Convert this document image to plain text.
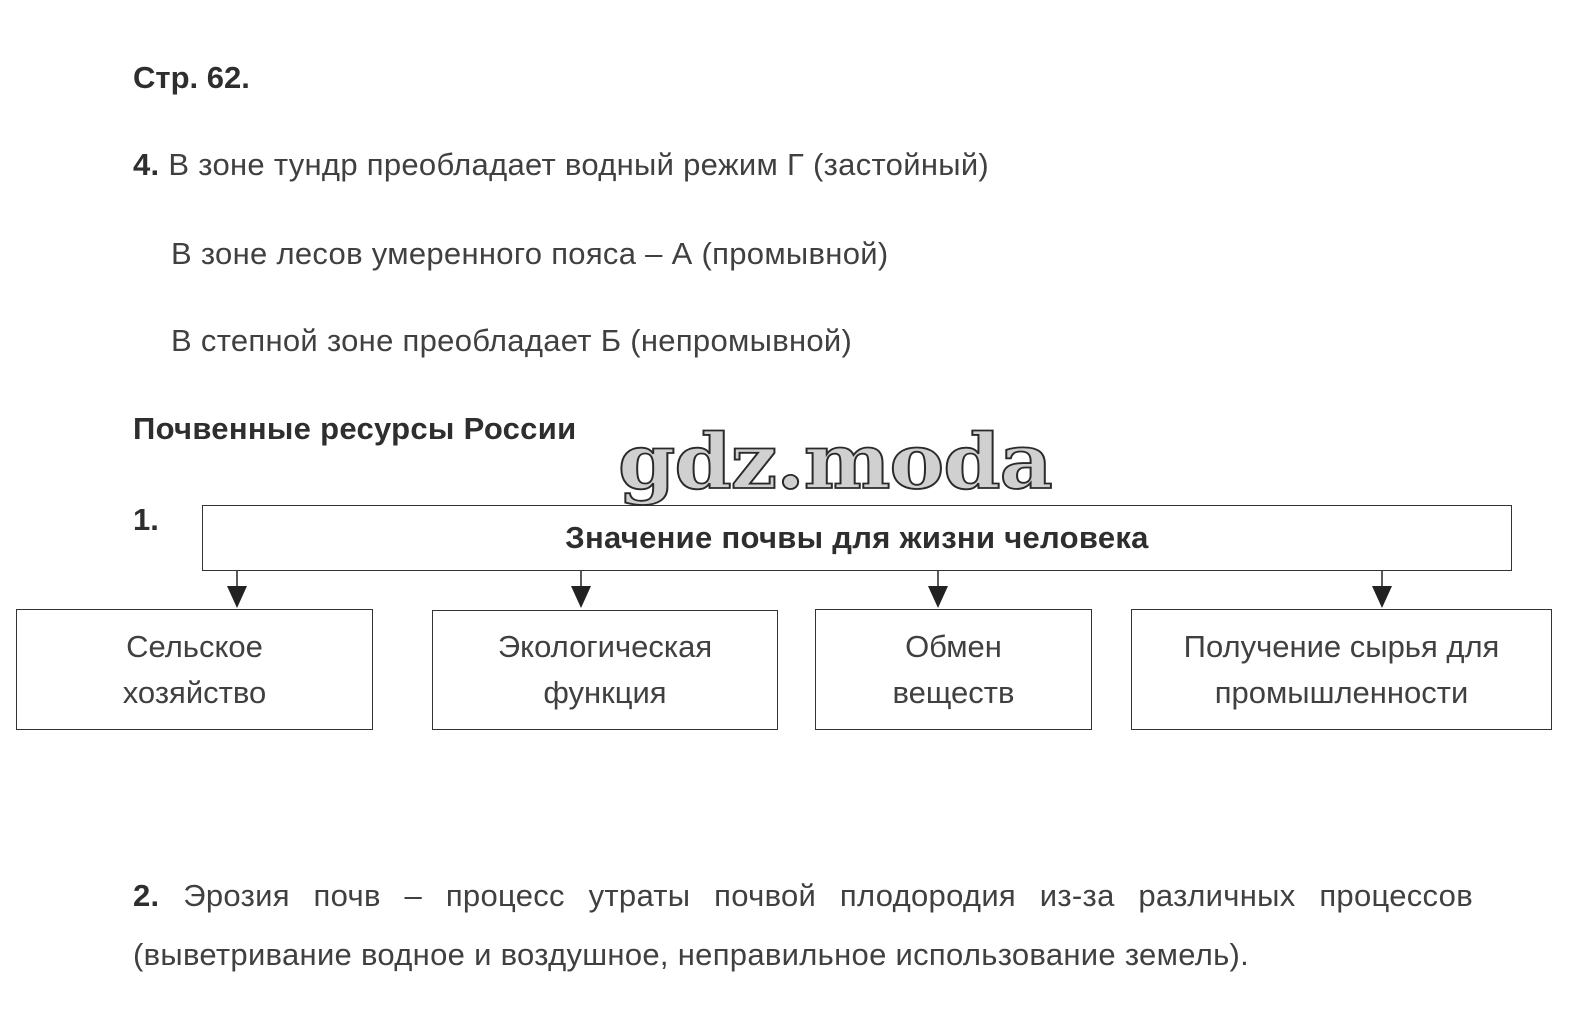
Стр. 62.
4. В зоне тундр преобладает водный режим Г (застойный)
В зоне лесов умеренного пояса – А (промывной)
В степной зоне преобладает Б (непромывной)
Почвенные ресурсы России
1.
Значение почвы для жизни человека
Сельское хозяйство
Экологическая функция
Обмен веществ
Получение сырья для промышленности
gdz.moda
2. Эрозия почв – процесс утраты почвой плодородия из-за различных процессов (выветривание водное и воздушное, неправильное использование земель).
